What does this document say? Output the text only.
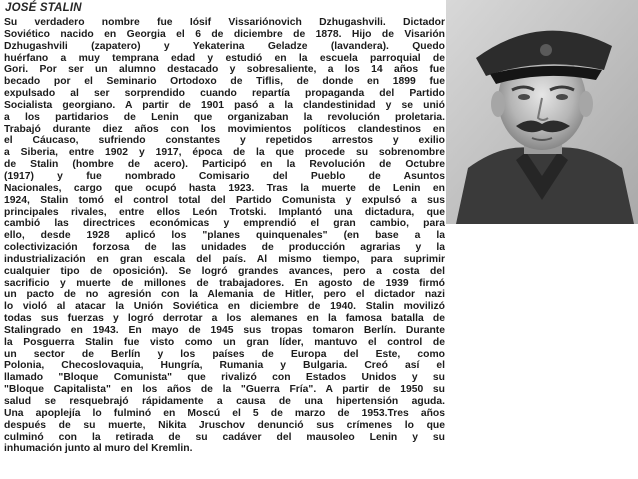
JOSÉ STALIN
Su verdadero nombre fue Iósif Vissariónovich Dzhugashvili. Dictador
Soviético nacido en Georgia el 6 de diciembre de 1878. Hijo de Visarión
Dzhugashvili (zapatero) y Yekaterina Geladze (lavandera). Quedo
huérfano a muy temprana edad y estudió en la escuela parroquial de
Gori. Por ser un alumno destacado y sobresaliente, a los 14 años fue
becado por el Seminario Ortodoxo de Tiflis, de donde en 1899 fue
expulsado al ser sorprendido cuando repartía propaganda del Partido
Socialista georgiano. A partir de 1901 pasó a la clandestinidad y se unió
a los partidarios de Lenin que organizaban la revolución proletaria.
Trabajó durante diez años con los movimientos políticos clandestinos en
el Cáucaso, sufriendo constantes y repetidos arrestos y exilio
a Siberia, entre 1902 y 1917, época de la que procede su sobrenombre
de Stalin (hombre de acero). Participó en la Revolución de Octubre
(1917) y fue nombrado Comisario del Pueblo de Asuntos
Nacionales, cargo que ocupó hasta 1923. Tras la muerte de Lenin en
1924, Stalin tomó el control total del Partido Comunista y expulsó a sus
principales rivales, entre ellos León Trotski. Implantó una dictadura, que
cambió las directrices económicas y emprendió el gran cambio, para
ello, desde 1928 aplicó los "planes quinquenales" (en base a la
colectivización forzosa de las unidades de producción agrarias y la
industrialización en gran escala del país. Al mismo tiempo, para suprimir
cualquier tipo de oposición). Se logró grandes avances, pero a costa del
sacrificio y muerte de millones de trabajadores. En agosto de 1939 firmó
un pacto de no agresión con la Alemania de Hitler, pero el dictador nazi
lo violó al atacar la Unión Soviética en diciembre de 1940. Stalin movilizó
todas sus fuerzas y logró derrotar a los alemanes en la famosa batalla de
Stalingrado en 1943. En mayo de 1945 sus tropas tomaron Berlín. Durante
la Posguerra Stalin fue visto como un gran líder, mantuvo el control de
un sector de Berlín y los países de Europa del Este, como
Polonia, Checoslovaquia, Hungría, Rumania y Bulgaria. Creó así el
llamado "Bloque Comunista" que rivalizó con Estados Unidos y su
"Bloque Capitalista" en los años de la "Guerra Fría". A partir de 1950 su
salud se resquebrajó rápidamente a causa de una hipertensión aguda.
Una apoplejía lo fulminó en Moscú el 5 de marzo de 1953.Tres años
después de su muerte, Nikita Jruschov denunció sus crímenes lo que
culminó con la retirada de su cadáver del mausoleo Lenin y su
inhumación junto al muro del Kremlin.
